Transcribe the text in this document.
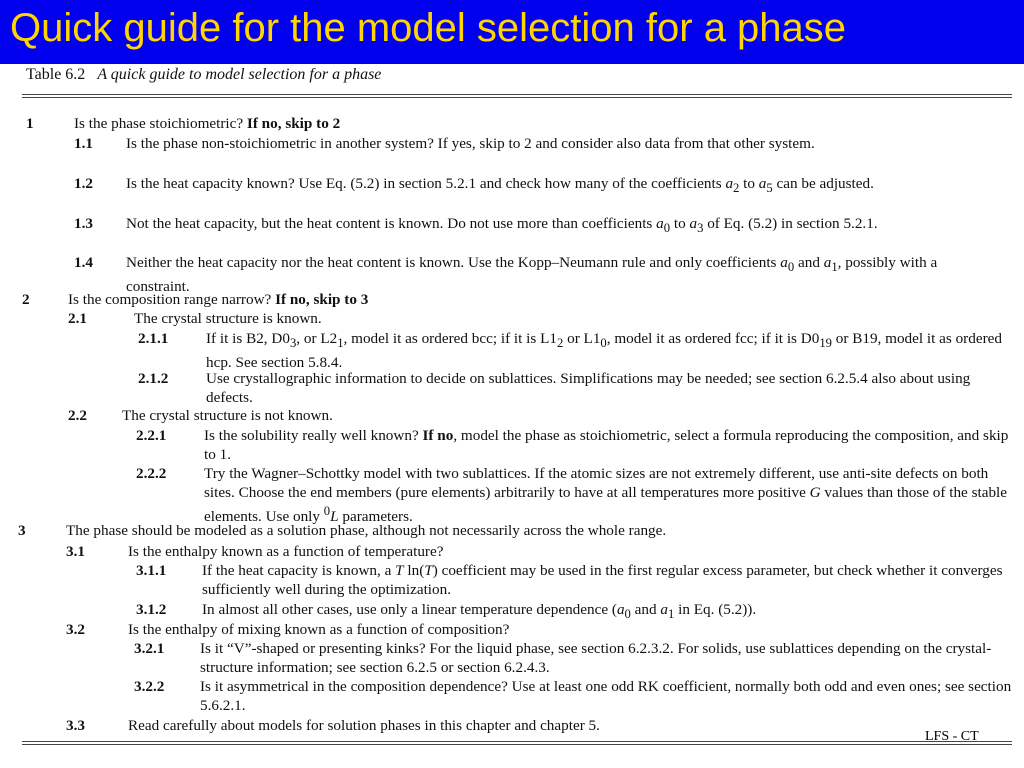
Quick guide for the model selection for a phase
Table 6.2 A quick guide to model selection for a phase
1	Is the phase stoichiometric? If no, skip to 2
1.1 Is the phase non-stoichiometric in another system? If yes, skip to 2 and consider also data from that other system.
1.2 Is the heat capacity known? Use Eq. (5.2) in section 5.2.1 and check how many of the coefficients $a_2$ to $a_5$ can be adjusted.
1.3 Not the heat capacity, but the heat content is known. Do not use more than coefficients $a_0$ to $a_3$ of Eq. (5.2) in section 5.2.1.
1.4 Neither the heat capacity nor the heat content is known. Use the Kopp–Neumann rule and only coefficients $a_0$ and $a_1$, possibly with a constraint.
2	Is the composition range narrow? If no, skip to 3
2.1	The crystal structure is known.
2.1.1 If it is B2, $D0_3$, or $L2_1$, model it as ordered bcc; if it is $L1_2$ or $L1_0$, model it as ordered fcc; if it is $D0_{19}$ or B19, model it as ordered hcp. See section 5.8.4.
2.1.2 Use crystallographic information to decide on sublattices. Simplifications may be needed; see section 6.2.5.4 also about using defects.
2.2 The crystal structure is not known.
2.2.1 Is the solubility really well known? If no, model the phase as stoichiometric, select a formula reproducing the composition, and skip to 1.
2.2.2 Try the Wagner–Schottky model with two sublattices. If the atomic sizes are not extremely different, use anti-site defects on both sites. Choose the end members (pure elements) arbitrarily to have at all temperatures more positive G values than those of the stable elements. Use only $^0$L parameters.
3	The phase should be modeled as a solution phase, although not necessarily across the whole range.
3.1	Is the enthalpy known as a function of temperature?
3.1.1 If the heat capacity is known, a T ln(T) coefficient may be used in the first regular excess parameter, but check whether it converges sufficiently well during the optimization.
3.1.2 In almost all other cases, use only a linear temperature dependence ($a_0$ and $a_1$ in Eq. (5.2)).
3.2	Is the enthalpy of mixing known as a function of composition?
3.2.1 Is it “V”-shaped or presenting kinks? For the liquid phase, see section 6.2.3.2. For solids, use sublattices depending on the crystal-structure information; see section 6.2.5 or section 6.2.4.3.
3.2.2 Is it asymmetrical in the composition dependence? Use at least one odd RK coefficient, normally both odd and even ones; see section 5.6.2.1.
3.3	Read carefully about models for solution phases in this chapter and chapter 5.
LFS - CT
